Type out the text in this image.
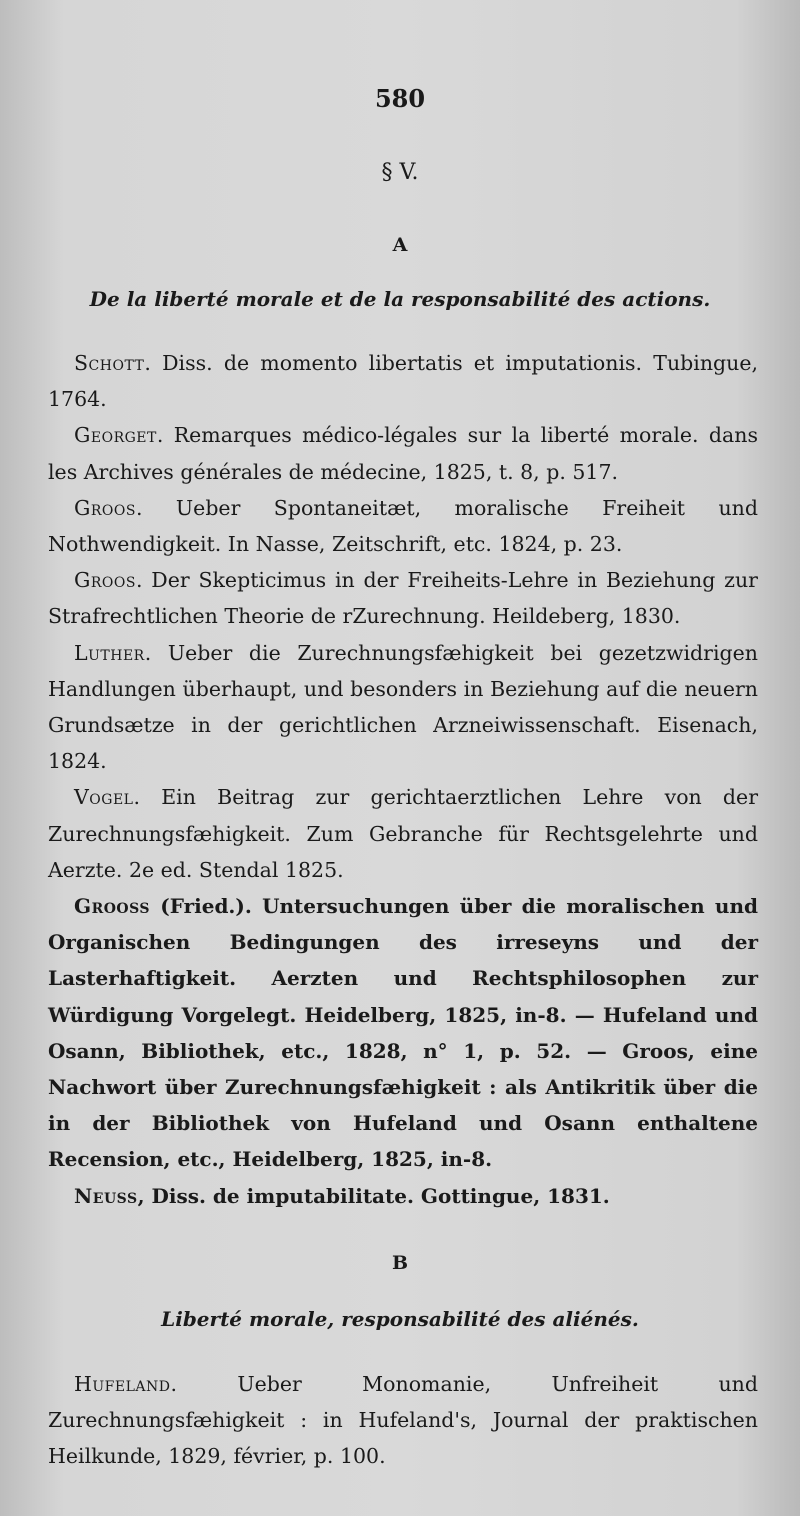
580
§ V.
A
De la liberté morale et de la responsabilité des actions.

Schott. Diss. de momento libertatis et imputationis. Tubingue, 1764.

Georget. Remarques médico-légales sur la liberté morale. dans les Archives générales de médecine, 1825, t. 8, p. 517.

Groos. Ueber Spontaneitæt, moralische Freiheit und Nothwendigkeit. In Nasse, Zeitschrift, etc. 1824, p. 23.

Groos. Der Skepticimus in der Freiheits-Lehre in Beziehung zur Strafrechtlichen Theorie de rZurechnung. Heildeberg, 1830.

Luther. Ueber die Zurechnungsfæhigkeit bei gezetzwidrigen Handlungen überhaupt, und besonders in Beziehung auf die neuern Grundsætze in der gerichtlichen Arzneiwissenschaft. Eisenach, 1824.

Vogel. Ein Beitrag zur gerichtaerztlichen Lehre von der Zurechnungsfæhigkeit. Zum Gebranche für Rechtsgelehrte und Aerzte. 2e ed. Stendal 1825.

Grooss (Fried.). Untersuchungen über die moralischen und Organischen Bedingungen des irreseyns und der Lasterhaftigkeit. Aerzten und Rechtsphilosophen zur Würdigung Vorgelegt. Heidelberg, 1825, in-8. — Hufeland und Osann, Bibliothek, etc., 1828, n° 1, p. 52. — Groos, eine Nachwort über Zurechnungsfæhigkeit : als Antikritik über die in der Bibliothek von Hufeland und Osann enthaltene Recension, etc., Heidelberg, 1825, in-8.

Neuss, Diss. de imputabilitate. Gottingue, 1831.

B
Liberté morale, responsabilité des aliénés.

Hufeland. Ueber Monomanie, Unfreiheit und Zurechnungsfæhigkeit : in Hufeland's, Journal der praktischen Heilkunde, 1829, février, p. 100.
